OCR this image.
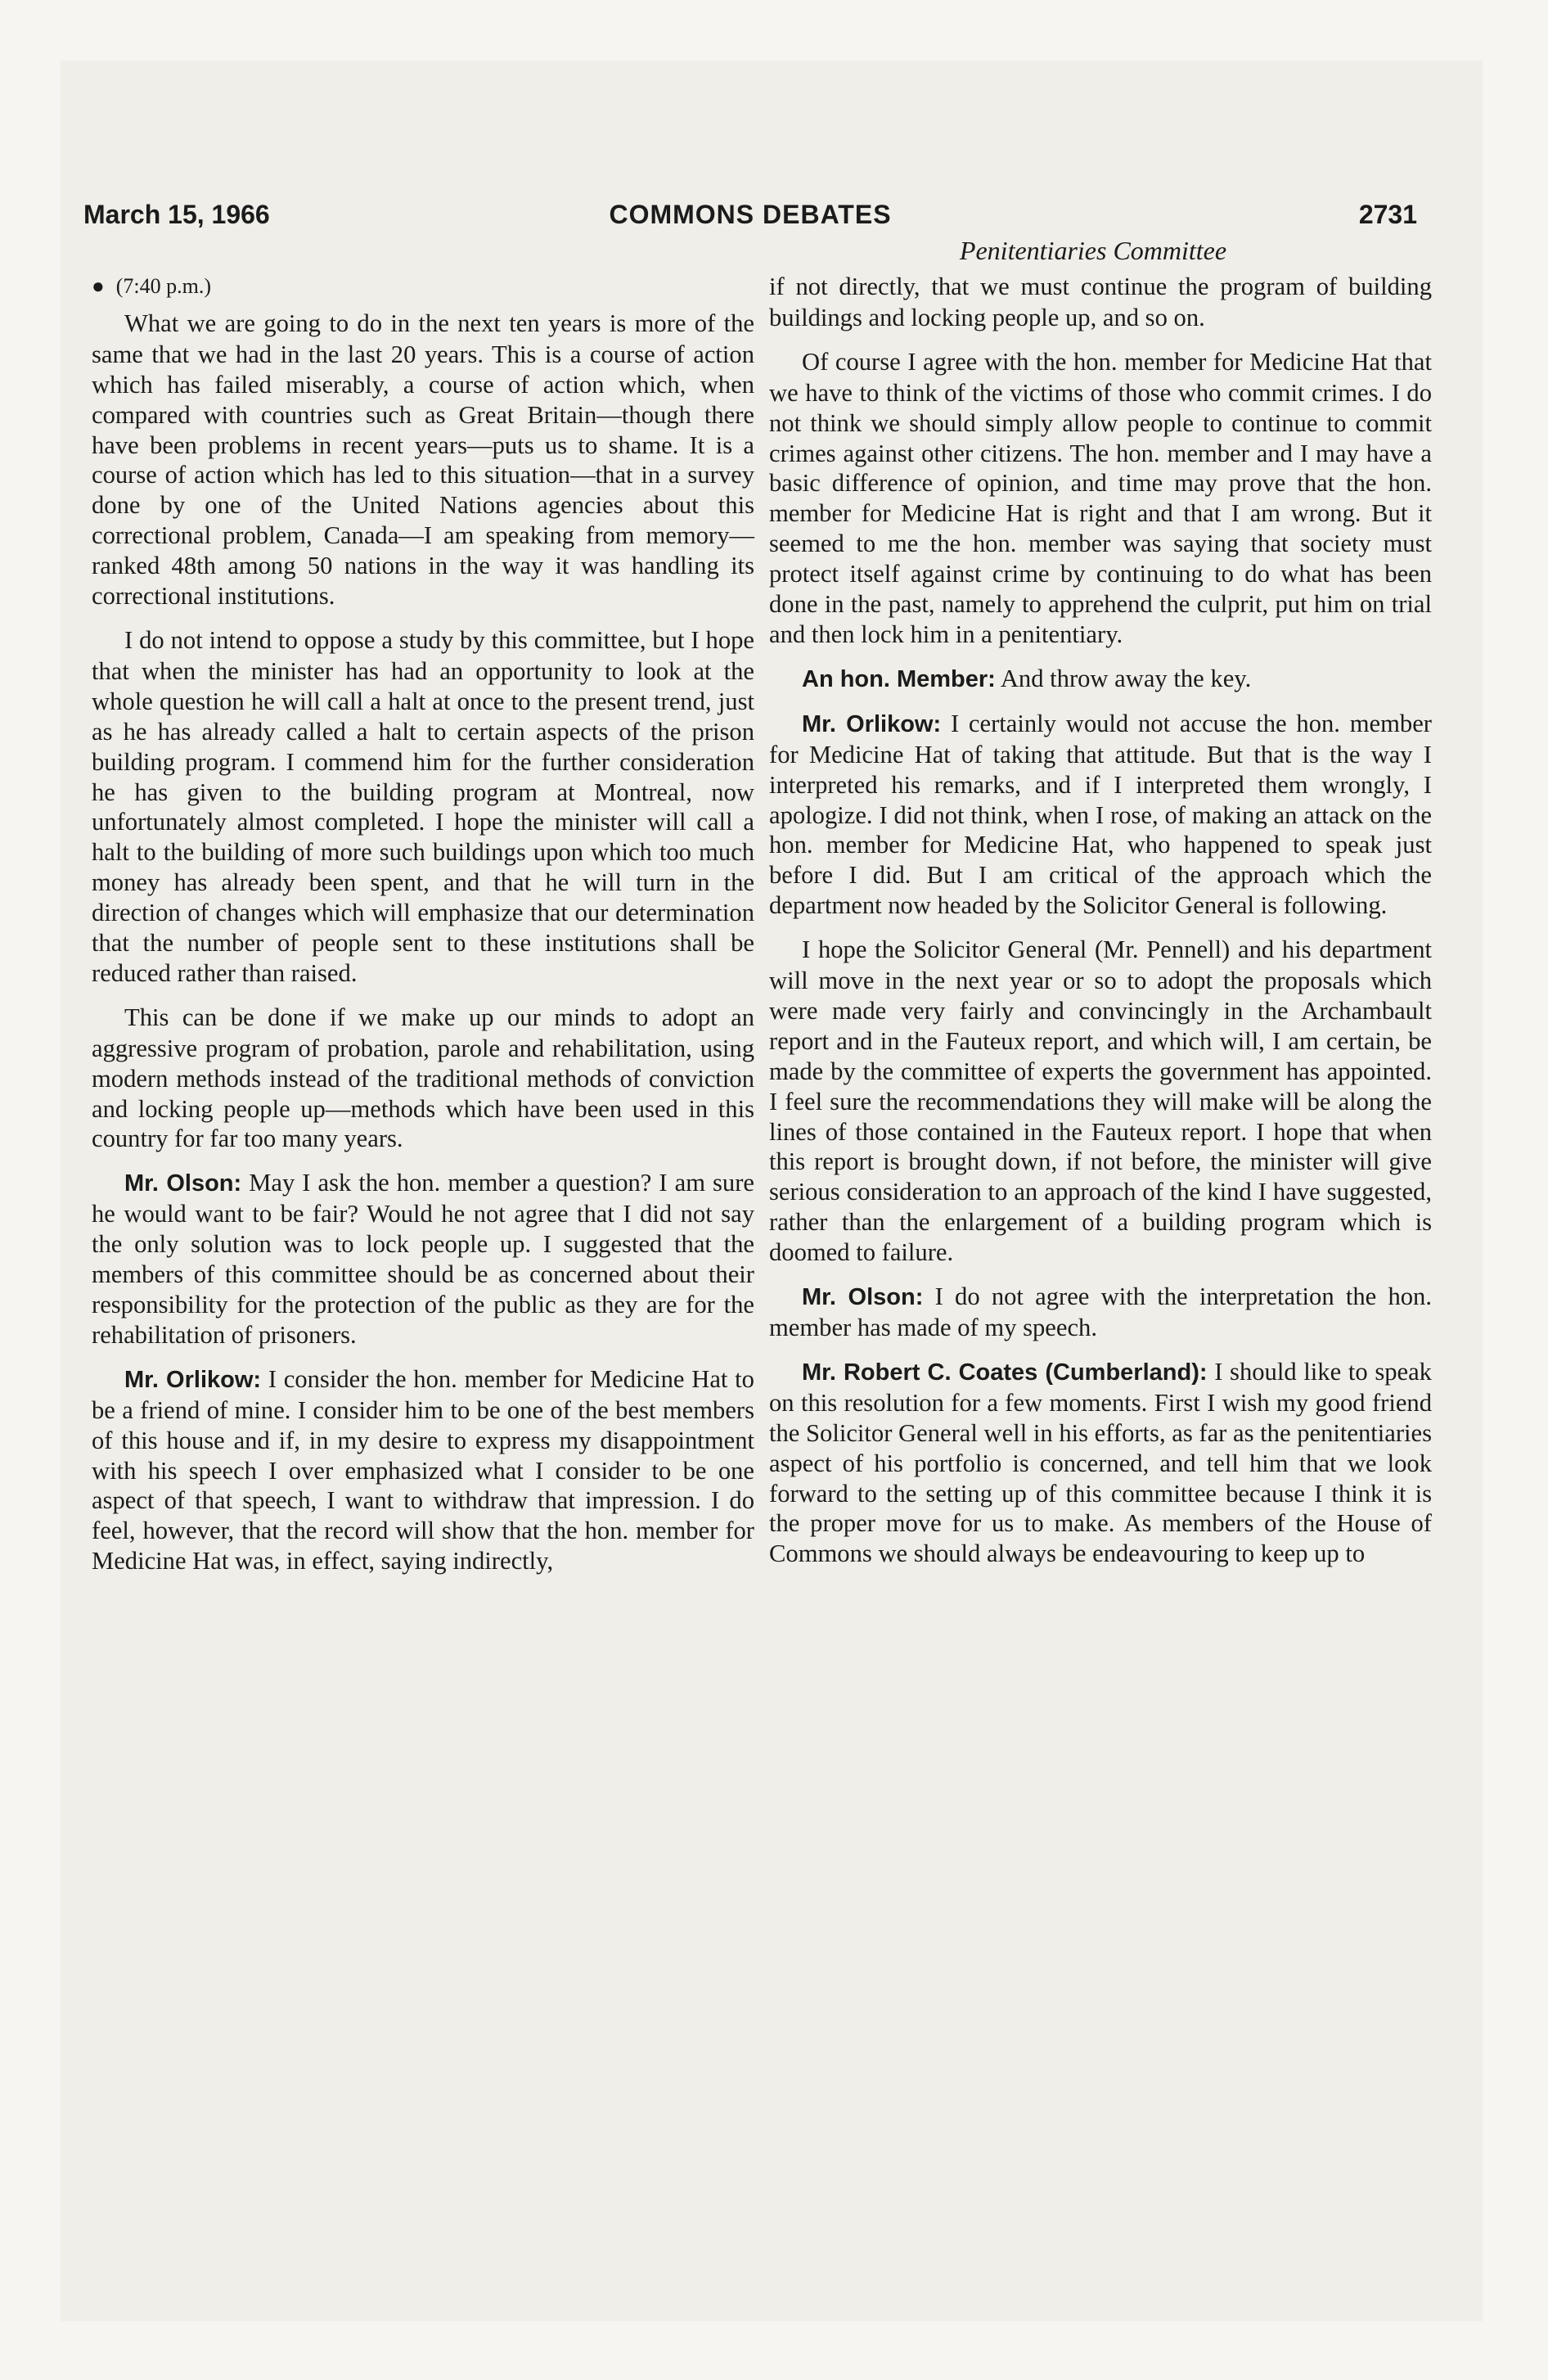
March 15, 1966	COMMONS DEBATES	2731
Penitentiaries Committee
● (7:40 p.m.)

What we are going to do in the next ten years is more of the same that we had in the last 20 years. This is a course of action which has failed miserably, a course of action which, when compared with countries such as Great Britain—though there have been problems in recent years—puts us to shame. It is a course of action which has led to this situation—that in a survey done by one of the United Nations agencies about this correctional problem, Canada—I am speaking from memory—ranked 48th among 50 nations in the way it was handling its correctional institutions.

I do not intend to oppose a study by this committee, but I hope that when the minister has had an opportunity to look at the whole question he will call a halt at once to the present trend, just as he has already called a halt to certain aspects of the prison building program. I commend him for the further consideration he has given to the building program at Montreal, now unfortunately almost completed. I hope the minister will call a halt to the building of more such buildings upon which too much money has already been spent, and that he will turn in the direction of changes which will emphasize that our determination that the number of people sent to these institutions shall be reduced rather than raised.

This can be done if we make up our minds to adopt an aggressive program of probation, parole and rehabilitation, using modern methods instead of the traditional methods of conviction and locking people up—methods which have been used in this country for far too many years.

Mr. Olson: May I ask the hon. member a question? I am sure he would want to be fair? Would he not agree that I did not say the only solution was to lock people up. I suggested that the members of this committee should be as concerned about their responsibility for the protection of the public as they are for the rehabilitation of prisoners.

Mr. Orlikow: I consider the hon. member for Medicine Hat to be a friend of mine. I consider him to be one of the best members of this house and if, in my desire to express my disappointment with his speech I over emphasized what I consider to be one aspect of that speech, I want to withdraw that impression. I do feel, however, that the record will show that the hon. member for Medicine Hat was, in effect, saying indirectly,

if not directly, that we must continue the program of building buildings and locking people up, and so on.

Of course I agree with the hon. member for Medicine Hat that we have to think of the victims of those who commit crimes. I do not think we should simply allow people to continue to commit crimes against other citizens. The hon. member and I may have a basic difference of opinion, and time may prove that the hon. member for Medicine Hat is right and that I am wrong. But it seemed to me the hon. member was saying that society must protect itself against crime by continuing to do what has been done in the past, namely to apprehend the culprit, put him on trial and then lock him in a penitentiary.

An hon. Member: And throw away the key.

Mr. Orlikow: I certainly would not accuse the hon. member for Medicine Hat of taking that attitude. But that is the way I interpreted his remarks, and if I interpreted them wrongly, I apologize. I did not think, when I rose, of making an attack on the hon. member for Medicine Hat, who happened to speak just before I did. But I am critical of the approach which the department now headed by the Solicitor General is following.

I hope the Solicitor General (Mr. Pennell) and his department will move in the next year or so to adopt the proposals which were made very fairly and convincingly in the Archambault report and in the Fauteux report, and which will, I am certain, be made by the committee of experts the government has appointed. I feel sure the recommendations they will make will be along the lines of those contained in the Fauteux report. I hope that when this report is brought down, if not before, the minister will give serious consideration to an approach of the kind I have suggested, rather than the enlargement of a building program which is doomed to failure.

Mr. Olson: I do not agree with the interpretation the hon. member has made of my speech.

Mr. Robert C. Coates (Cumberland): I should like to speak on this resolution for a few moments. First I wish my good friend the Solicitor General well in his efforts, as far as the penitentiaries aspect of his portfolio is concerned, and tell him that we look forward to the setting up of this committee because I think it is the proper move for us to make. As members of the House of Commons we should always be endeavouring to keep up to
